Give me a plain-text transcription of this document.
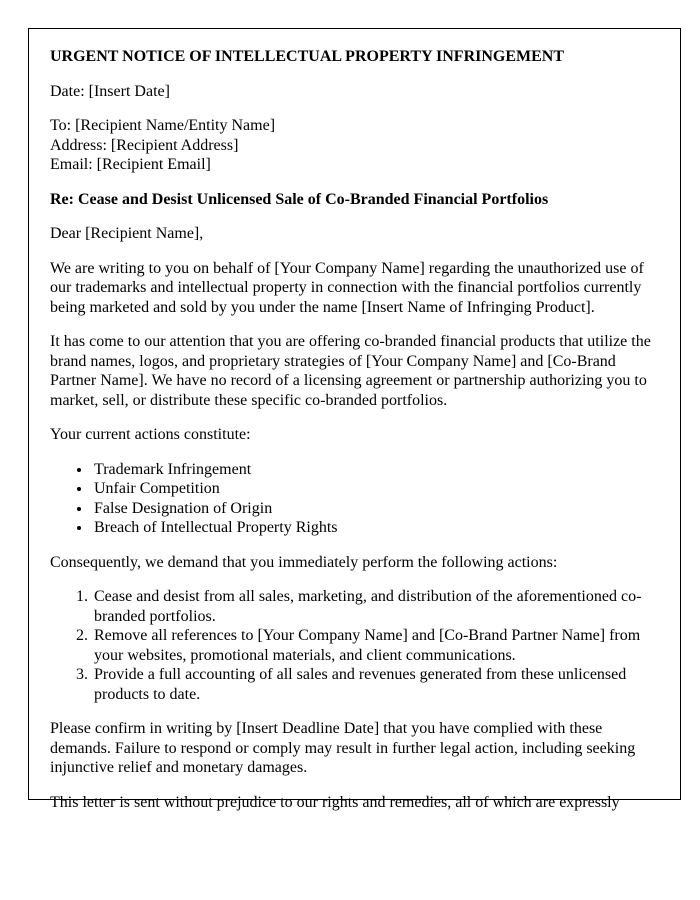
URGENT NOTICE OF INTELLECTUAL PROPERTY INFRINGEMENT

Date: [Insert Date]

To: [Recipient Name/Entity Name]
Address: [Recipient Address]
Email: [Recipient Email]

Re: Cease and Desist Unlicensed Sale of Co-Branded Financial Portfolios

Dear [Recipient Name],

We are writing to you on behalf of [Your Company Name] regarding the unauthorized use of our trademarks and intellectual property in connection with the financial portfolios currently being marketed and sold by you under the name [Insert Name of Infringing Product].

It has come to our attention that you are offering co-branded financial products that utilize the brand names, logos, and proprietary strategies of [Your Company Name] and [Co-Brand Partner Name]. We have no record of a licensing agreement or partnership authorizing you to market, sell, or distribute these specific co-branded portfolios.

Your current actions constitute:

• Trademark Infringement
• Unfair Competition
• False Designation of Origin
• Breach of Intellectual Property Rights

Consequently, we demand that you immediately perform the following actions:

1. Cease and desist from all sales, marketing, and distribution of the aforementioned co-branded portfolios.
2. Remove all references to [Your Company Name] and [Co-Brand Partner Name] from your websites, promotional materials, and client communications.
3. Provide a full accounting of all sales and revenues generated from these unlicensed products to date.

Please confirm in writing by [Insert Deadline Date] that you have complied with these demands. Failure to respond or comply may result in further legal action, including seeking injunctive relief and monetary damages.

This letter is sent without prejudice to our rights and remedies, all of which are expressly
